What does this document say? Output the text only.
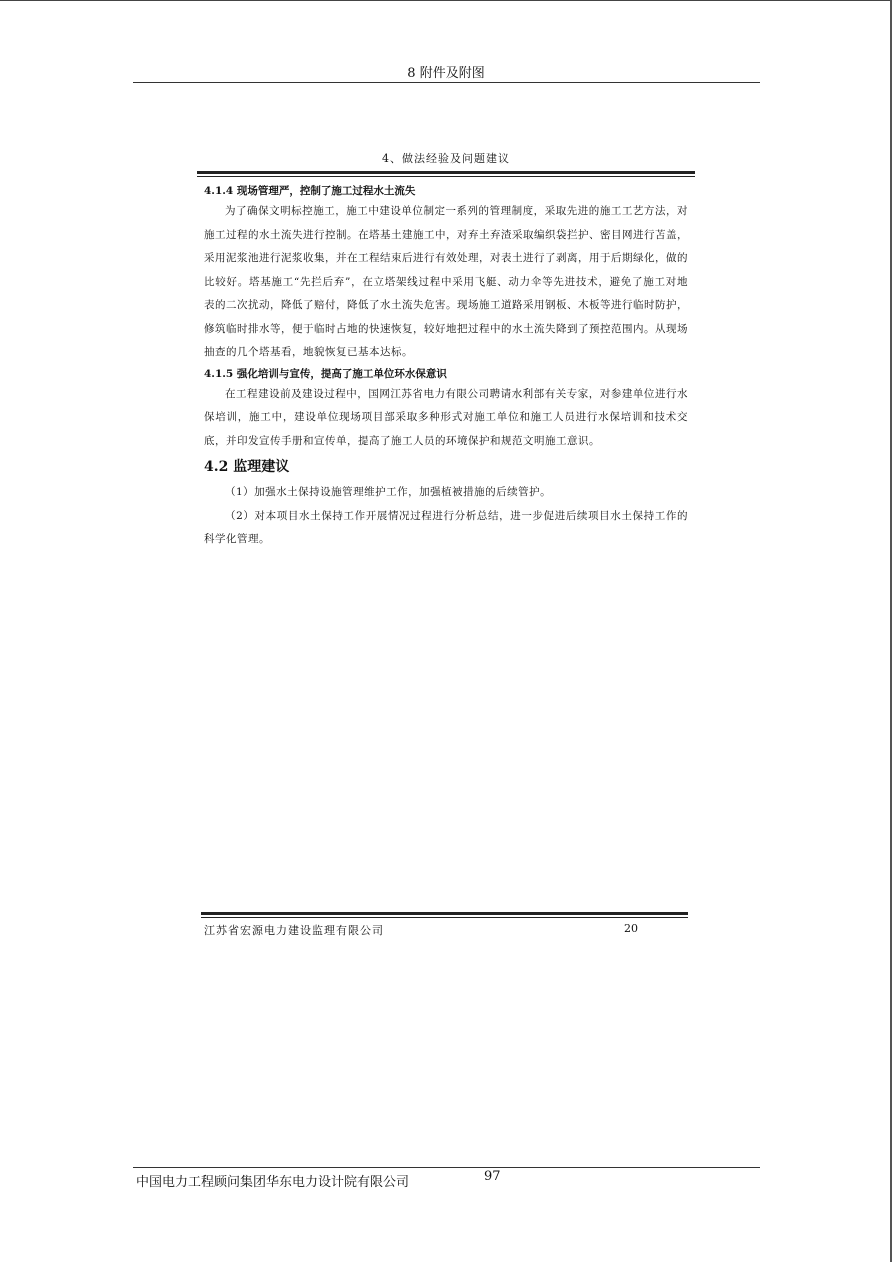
8 附件及附图
4、做法经验及问题建议

4.1.4 现场管理严，控制了施工过程水土流失

为了确保文明标控施工，施工中建设单位制定一系列的管理制度，采取先进的施工工艺方法，对施工过程的水土流失进行控制。在塔基土建施工中，对弃土弃渣采取编织袋拦护、密目网进行苫盖，采用泥浆池进行泥浆收集，并在工程结束后进行有效处理，对表土进行了剥离，用于后期绿化，做的比较好。塔基施工“先拦后弃”，在立塔架线过程中采用飞艇、动力伞等先进技术，避免了施工对地表的二次扰动，降低了赔付，降低了水土流失危害。现场施工道路采用钢板、木板等进行临时防护，修筑临时排水等，便于临时占地的快速恢复，较好地把过程中的水土流失降到了预控范围内。从现场抽查的几个塔基看，地貌恢复已基本达标。

4.1.5 强化培训与宣传，提高了施工单位环水保意识

在工程建设前及建设过程中，国网江苏省电力有限公司聘请水利部有关专家，对参建单位进行水保培训，施工中，建设单位现场项目部采取多种形式对施工单位和施工人员进行水保培训和技术交底，并印发宣传手册和宣传单，提高了施工人员的环境保护和规范文明施工意识。

4.2 监理建议

（1）加强水土保持设施管理维护工作，加强植被措施的后续管护。

（2）对本项目水土保持工作开展情况过程进行分析总结，进一步促进后续项目水土保持工作的科学化管理。

江苏省宏源电力建设监理有限公司	20
中国电力工程顾问集团华东电力设计院有限公司	97
